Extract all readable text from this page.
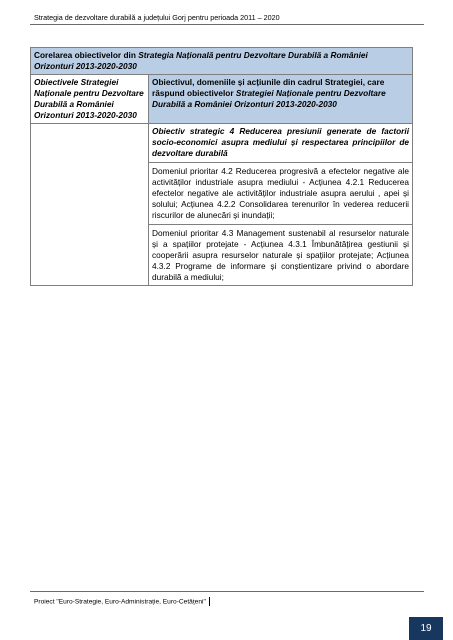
Strategia de dezvoltare durabilă a județului Gorj pentru perioada 2011 – 2020
Corelarea obiectivelor din Strategia Națională pentru Dezvoltare Durabilă a României Orizonturi 2013-2020-2030	
Obiectivele Strategiei Naționale pentru Dezvoltare Durabilă a României Orizonturi 2013-2020-2030	Obiectivul, domeniile și acțiunile din cadrul Strategiei, care răspund obiectivelor Strategiei Naționale pentru Dezvoltare Durabilă a României Orizonturi 2013-2020-2030

	Obiectiv strategic 4 Reducerea presiunii generate de factorii socio-economici asupra mediului și respectarea principiilor de dezvoltare durabilă
Domeniul prioritar 4.2 Reducerea progresivă a efectelor negative ale activităților industriale asupra mediului - Acțiunea 4.2.1 Reducerea efectelor negative ale activităților industriale asupra aerului , apei și solului; Acțiunea 4.2.2 Consolidarea terenurilor în vederea reducerii riscurilor de alunecări și inundații;
Domeniul prioritar 4.3 Management sustenabil al resurselor naturale și a spațiilor protejate - Acțiunea 4.3.1 Îmbunătățirea gestiunii și cooperării asupra resurselor naturale și spațiilor protejate; Acțiunea 4.3.2 Programe de informare și conștientizare privind o abordare durabilă a mediului;
Proiect "Euro-Strategie, Euro-Administrație, Euro-Cetățeni"
19
